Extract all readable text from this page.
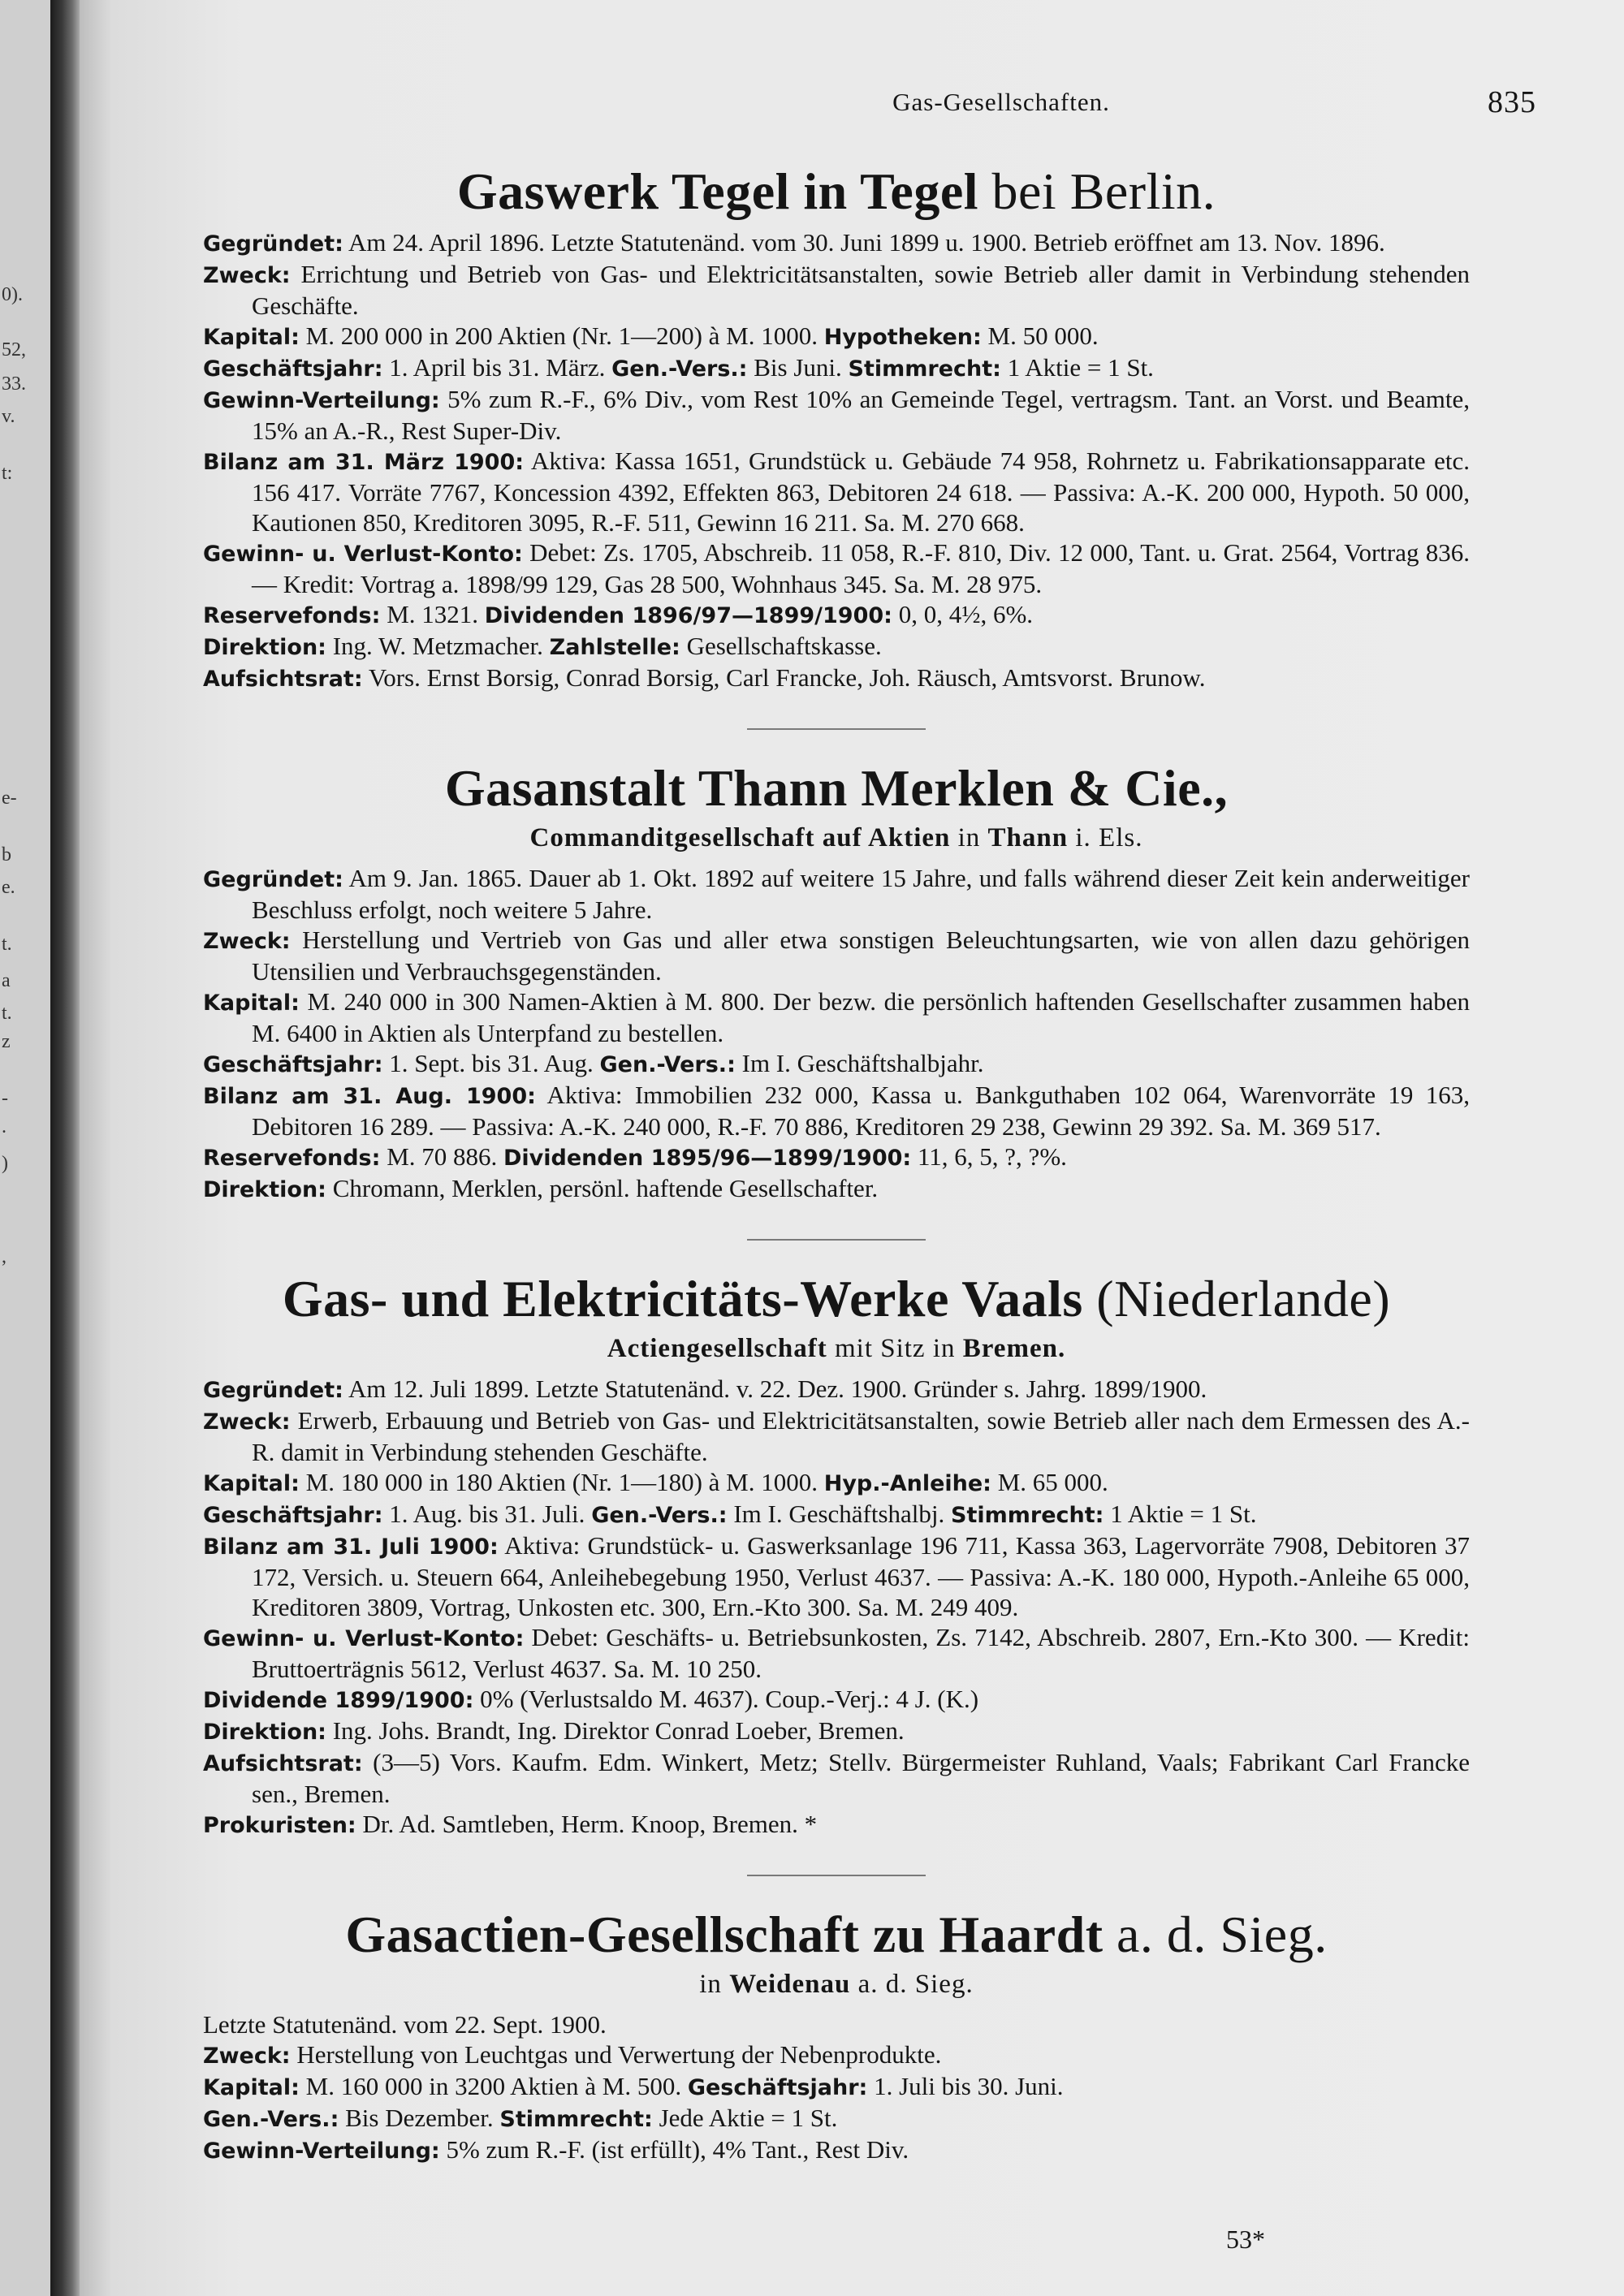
0).
52,
33.
v.
t:
e-
b
e.
t.
a
t.
z
-
.
)
,
Gas-Gesellschaften.	835
Gaswerk Tegel in Tegel bei Berlin.

Gegründet: Am 24. April 1896. Letzte Statutenänd. vom 30. Juni 1899 u. 1900. Betrieb eröffnet am 13. Nov. 1896.

Zweck: Errichtung und Betrieb von Gas- und Elektricitätsanstalten, sowie Betrieb aller damit in Verbindung stehenden Geschäfte.

Kapital: M. 200 000 in 200 Aktien (Nr. 1—200) à M. 1000. Hypotheken: M. 50 000.

Geschäftsjahr: 1. April bis 31. März. Gen.-Vers.: Bis Juni. Stimmrecht: 1 Aktie = 1 St.

Gewinn-Verteilung: 5% zum R.-F., 6% Div., vom Rest 10% an Gemeinde Tegel, vertragsm. Tant. an Vorst. und Beamte, 15% an A.-R., Rest Super-Div.

Bilanz am 31. März 1900: Aktiva: Kassa 1651, Grundstück u. Gebäude 74 958, Rohrnetz u. Fabrikationsapparate etc. 156 417. Vorräte 7767, Koncession 4392, Effekten 863, Debitoren 24 618. — Passiva: A.-K. 200 000, Hypoth. 50 000, Kautionen 850, Kreditoren 3095, R.-F. 511, Gewinn 16 211. Sa. M. 270 668.

Gewinn- u. Verlust-Konto: Debet: Zs. 1705, Abschreib. 11 058, R.-F. 810, Div. 12 000, Tant. u. Grat. 2564, Vortrag 836. — Kredit: Vortrag a. 1898/99 129, Gas 28 500, Wohnhaus 345. Sa. M. 28 975.

Reservefonds: M. 1321. Dividenden 1896/97—1899/1900: 0, 0, 4½, 6%.

Direktion: Ing. W. Metzmacher. Zahlstelle: Gesellschaftskasse.

Aufsichtsrat: Vors. Ernst Borsig, Conrad Borsig, Carl Francke, Joh. Räusch, Amtsvorst. Brunow.

Gasanstalt Thann Merklen & Cie.,
Commanditgesellschaft auf Aktien in Thann i. Els.

Gegründet: Am 9. Jan. 1865. Dauer ab 1. Okt. 1892 auf weitere 15 Jahre, und falls während dieser Zeit kein anderweitiger Beschluss erfolgt, noch weitere 5 Jahre.

Zweck: Herstellung und Vertrieb von Gas und aller etwa sonstigen Beleuchtungsarten, wie von allen dazu gehörigen Utensilien und Verbrauchsgegenständen.

Kapital: M. 240 000 in 300 Namen-Aktien à M. 800. Der bezw. die persönlich haftenden Gesellschafter zusammen haben M. 6400 in Aktien als Unterpfand zu bestellen.

Geschäftsjahr: 1. Sept. bis 31. Aug. Gen.-Vers.: Im I. Geschäftshalbjahr.

Bilanz am 31. Aug. 1900: Aktiva: Immobilien 232 000, Kassa u. Bankguthaben 102 064, Warenvorräte 19 163, Debitoren 16 289. — Passiva: A.-K. 240 000, R.-F. 70 886, Kreditoren 29 238, Gewinn 29 392. Sa. M. 369 517.

Reservefonds: M. 70 886. Dividenden 1895/96—1899/1900: 11, 6, 5, ?, ?%.

Direktion: Chromann, Merklen, persönl. haftende Gesellschafter.

Gas- und Elektricitäts-Werke Vaals (Niederlande)
Actiengesellschaft mit Sitz in Bremen.

Gegründet: Am 12. Juli 1899. Letzte Statutenänd. v. 22. Dez. 1900. Gründer s. Jahrg. 1899/1900.

Zweck: Erwerb, Erbauung und Betrieb von Gas- und Elektricitätsanstalten, sowie Betrieb aller nach dem Ermessen des A.-R. damit in Verbindung stehenden Geschäfte.

Kapital: M. 180 000 in 180 Aktien (Nr. 1—180) à M. 1000. Hyp.-Anleihe: M. 65 000.

Geschäftsjahr: 1. Aug. bis 31. Juli. Gen.-Vers.: Im I. Geschäftshalbj. Stimmrecht: 1 Aktie = 1 St.

Bilanz am 31. Juli 1900: Aktiva: Grundstück- u. Gaswerksanlage 196 711, Kassa 363, Lagervorräte 7908, Debitoren 37 172, Versich. u. Steuern 664, Anleihebegebung 1950, Verlust 4637. — Passiva: A.-K. 180 000, Hypoth.-Anleihe 65 000, Kreditoren 3809, Vortrag, Unkosten etc. 300, Ern.-Kto 300. Sa. M. 249 409.

Gewinn- u. Verlust-Konto: Debet: Geschäfts- u. Betriebsunkosten, Zs. 7142, Abschreib. 2807, Ern.-Kto 300. — Kredit: Bruttoerträgnis 5612, Verlust 4637. Sa. M. 10 250.

Dividende 1899/1900: 0% (Verlustsaldo M. 4637). Coup.-Verj.: 4 J. (K.)

Direktion: Ing. Johs. Brandt, Ing. Direktor Conrad Loeber, Bremen.

Aufsichtsrat: (3—5) Vors. Kaufm. Edm. Winkert, Metz; Stellv. Bürgermeister Ruhland, Vaals; Fabrikant Carl Francke sen., Bremen.

Prokuristen: Dr. Ad. Samtleben, Herm. Knoop, Bremen. *

Gasactien-Gesellschaft zu Haardt a. d. Sieg.
in Weidenau a. d. Sieg.

Letzte Statutenänd. vom 22. Sept. 1900.

Zweck: Herstellung von Leuchtgas und Verwertung der Nebenprodukte.

Kapital: M. 160 000 in 3200 Aktien à M. 500. Geschäftsjahr: 1. Juli bis 30. Juni.

Gen.-Vers.: Bis Dezember. Stimmrecht: Jede Aktie = 1 St.

Gewinn-Verteilung: 5% zum R.-F. (ist erfüllt), 4% Tant., Rest Div.

53*
